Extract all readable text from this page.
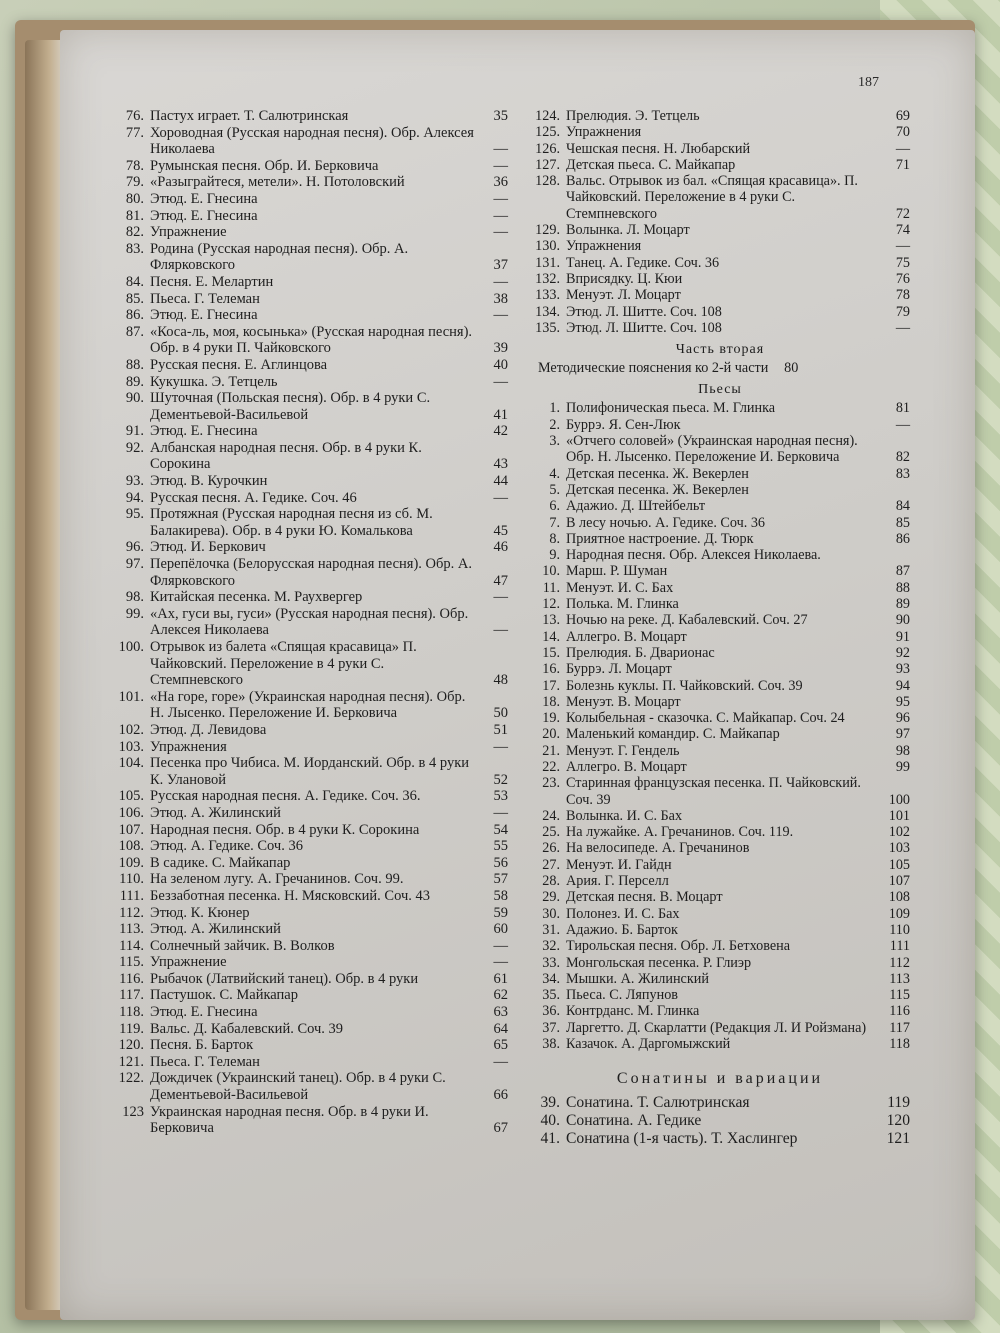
187
76. Пастух играет. Т. Салютринская	35
77. Хороводная (Русская народная песня). Обр. Алексея Николаева	—
78. Румынская песня. Обр. И. Берковича	—
79. «Разыграйтеся, метели». Н. Потоловский	36
80. Этюд. Е. Гнесина	—
81. Этюд. Е. Гнесина	—
82. Упражнение	—
83. Родина (Русская народная песня). Обр. А. Флярковского	37
84. Песня. Е. Мелартин	—
85. Пьеса. Г. Телеман	38
86. Этюд. Е. Гнесина	—
87. «Коса-ль, моя, косынька» (Русская народная песня). Обр. в 4 руки П. Чайковского	39
88. Русская песня. Е. Аглинцова	40
89. Кукушка. Э. Тетцель	—
90. Шуточная (Польская песня). Обр. в 4 руки С. Дементьевой-Васильевой	41
91. Этюд. Е. Гнесина	42
92. Албанская народная песня. Обр. в 4 руки К. Сорокина	43
93. Этюд. В. Курочкин	44
94. Русская песня. А. Гедике. Соч. 46	—
95. Протяжная (Русская народная песня из сб. М. Балакирева). Обр. в 4 руки Ю. Комалькова	45
96. Этюд. И. Беркович	46
97. Перепёлочка (Белорусская народная песня). Обр. А. Флярковского	47
98. Китайская песенка. М. Раухвергер	—
99. «Ах, гуси вы, гуси» (Русская народная песня). Обр. Алексея Николаева	—
100. Отрывок из балета «Спящая красавица» П. Чайковский. Переложение в 4 руки С. Стемпневского	48
101. «На горе, горе» (Украинская народная песня). Обр. Н. Лысенко. Переложение И. Берковича	50
102. Этюд. Д. Левидова	51
103. Упражнения	—
104. Песенка про Чибиса. М. Иорданский. Обр. в 4 руки К. Улановой	52
105. Русская народная песня. А. Гедике. Соч. 36.	53
106. Этюд. А. Жилинский	—
107. Народная песня. Обр. в 4 руки К. Сорокина	54
108. Этюд. А. Гедике. Соч. 36	55
109. В садике. С. Майкапар	56
110. На зеленом лугу. А. Гречанинов. Соч. 99.	57
111. Беззаботная песенка. Н. Мясковский. Соч. 43	58
112. Этюд. К. Кюнер	59
113. Этюд. А. Жилинский	60
114. Солнечный зайчик. В. Волков	—
115. Упражнение	—
116. Рыбачок (Латвийский танец). Обр. в 4 руки	61
117. Пастушок. С. Майкапар	62
118. Этюд. Е. Гнесина	63
119. Вальс. Д. Кабалевский. Соч. 39	64
120. Песня. Б. Барток	65
121. Пьеса. Г. Телеман	—
122. Дождичек (Украинский танец). Обр. в 4 руки С. Дементьевой-Васильевой	66
123 Украинская народная песня. Обр. в 4 руки И. Берковича	67
124. Прелюдия. Э. Тетцель	69
125. Упражнения	70
126. Чешская песня. Н. Любарский	—
127. Детская пьеса. С. Майкапар	71
128. Вальс. Отрывок из бал. «Спящая красавица». П. Чайковский. Переложение в 4 руки С. Стемпневского	72
129. Волынка. Л. Моцарт	74
130. Упражнения	—
131. Танец. А. Гедике. Соч. 36	75
132. Вприсядку. Ц. Кюи	76
133. Менуэт. Л. Моцарт	78
134. Этюд. Л. Шитте. Соч. 108	79
135. Этюд. Л. Шитте. Соч. 108	—
Часть вторая
Методические пояснения ко 2-й части	80
Пьесы
1. Полифоническая пьеса. М. Глинка	81
2. Буррэ. Я. Сен-Люк	—
3. «Отчего соловей» (Украинская народная песня). Обр. Н. Лысенко. Переложение И. Берковича	82
4. Детская песенка. Ж. Векерлен	83
5. Детская песенка. Ж. Векерлен
6. Адажио. Д. Штейбельт	84
7. В лесу ночью. А. Гедике. Соч. 36	85
8. Приятное настроение. Д. Тюрк	86
9. Народная песня. Обр. Алексея Николаева.
10. Марш. Р. Шуман	87
11. Менуэт. И. С. Бах	88
12. Полька. М. Глинка	89
13. Ночью на реке. Д. Кабалевский. Соч. 27	90
14. Аллегро. В. Моцарт	91
15. Прелюдия. Б. Дварионас	92
16. Буррэ. Л. Моцарт	93
17. Болезнь куклы. П. Чайковский. Соч. 39	94
18. Менуэт. В. Моцарт	95
19. Колыбельная - сказочка. С. Майкапар. Соч. 24	96
20. Маленький командир. С. Майкапар	97
21. Менуэт. Г. Гендель	98
22. Аллегро. В. Моцарт	99
23. Старинная французская песенка. П. Чайковский. Соч. 39	100
24. Волынка. И. С. Бах	101
25. На лужайке. А. Гречанинов. Соч. 119.	102
26. На велосипеде. А. Гречанинов	103
27. Менуэт. И. Гайдн	105
28. Ария. Г. Перселл	107
29. Детская песня. В. Моцарт	108
30. Полонез. И. С. Бах	109
31. Адажио. Б. Барток	110
32. Тирольская песня. Обр. Л. Бетховена	111
33. Монгольская песенка. Р. Глиэр	112
34. Мышки. А. Жилинский	113
35. Пьеса. С. Ляпунов	115
36. Контрданс. М. Глинка	116
37. Ларгетто. Д. Скарлатти (Редакция Л. И Ройзмана)	117
38. Казачок. А. Даргомыжский	118
Сонатины и вариации
39. Сонатина. Т. Салютринская	119
40. Сонатина. А. Гедике	120
41. Сонатина (1-я часть). Т. Хаслингер	121
